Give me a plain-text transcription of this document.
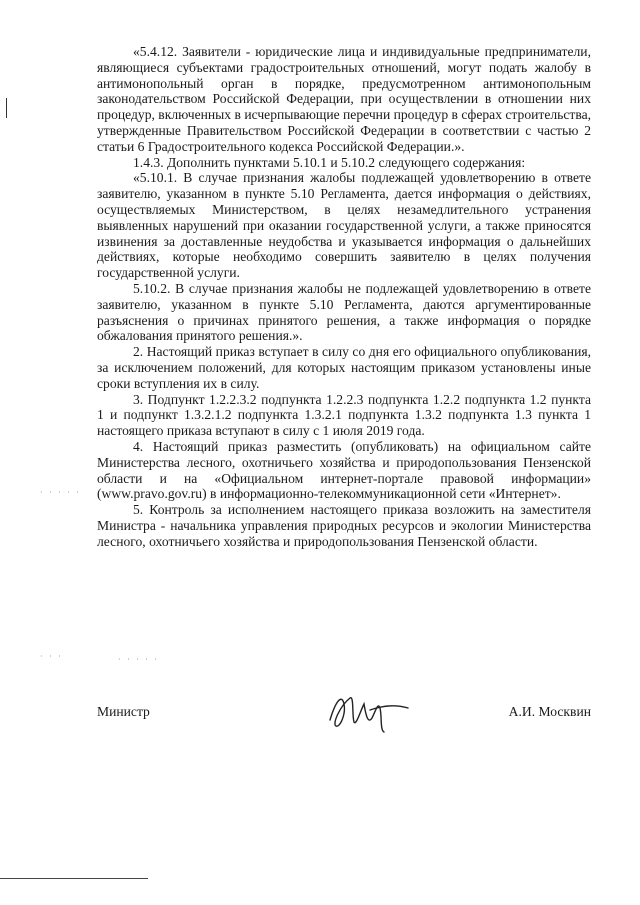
· · · · ·
· · ·	· · · · ·

«5.4.12. Заявители - юридические лица и индивидуальные предприниматели, являющиеся субъектами градостроительных отношений, могут подать жалобу в антимонопольный орган в порядке, предусмотренном антимонопольным законодательством Российской Федерации, при осуществлении в отношении них процедур, включенных в исчерпывающие перечни процедур в сферах строительства, утвержденные Правительством Российской Федерации в соответствии с частью 2 статьи 6 Градостроительного кодекса Российской Федерации.».

1.4.3. Дополнить пунктами 5.10.1 и 5.10.2 следующего содержания:

«5.10.1. В случае признания жалобы подлежащей удовлетворению в ответе заявителю, указанном в пункте 5.10 Регламента, дается информация о действиях, осуществляемых Министерством, в целях незамедлительного устранения выявленных нарушений при оказании государственной услуги, а также приносятся извинения за доставленные неудобства и указывается информация о дальнейших действиях, которые необходимо совершить заявителю в целях получения государственной услуги.

5.10.2. В случае признания жалобы не подлежащей удовлетворению в ответе заявителю, указанном в пункте 5.10 Регламента, даются аргументированные разъяснения о причинах принятого решения, а также информация о порядке обжалования принятого решения.».

2. Настоящий приказ вступает в силу со дня его официального опубликования, за исключением положений, для которых настоящим приказом установлены иные сроки вступления их в силу.

3. Подпункт 1.2.2.3.2 подпункта 1.2.2.3 подпункта 1.2.2 подпункта 1.2 пункта 1 и подпункт 1.3.2.1.2 подпункта 1.3.2.1 подпункта 1.3.2 подпункта 1.3 пункта 1 настоящего приказа вступают в силу с 1 июля 2019 года.

4. Настоящий приказ разместить (опубликовать) на официальном сайте Министерства лесного, охотничьего хозяйства и природопользования Пензенской области и на «Официальном интернет-портале правовой информации» (www.pravo.gov.ru) в информационно-телекоммуникационной сети «Интернет».

5. Контроль за исполнением настоящего приказа возложить на заместителя Министра - начальника управления природных ресурсов и экологии Министерства лесного, охотничьего хозяйства и природопользования Пензенской области.

Министр	А.И. Москвин
